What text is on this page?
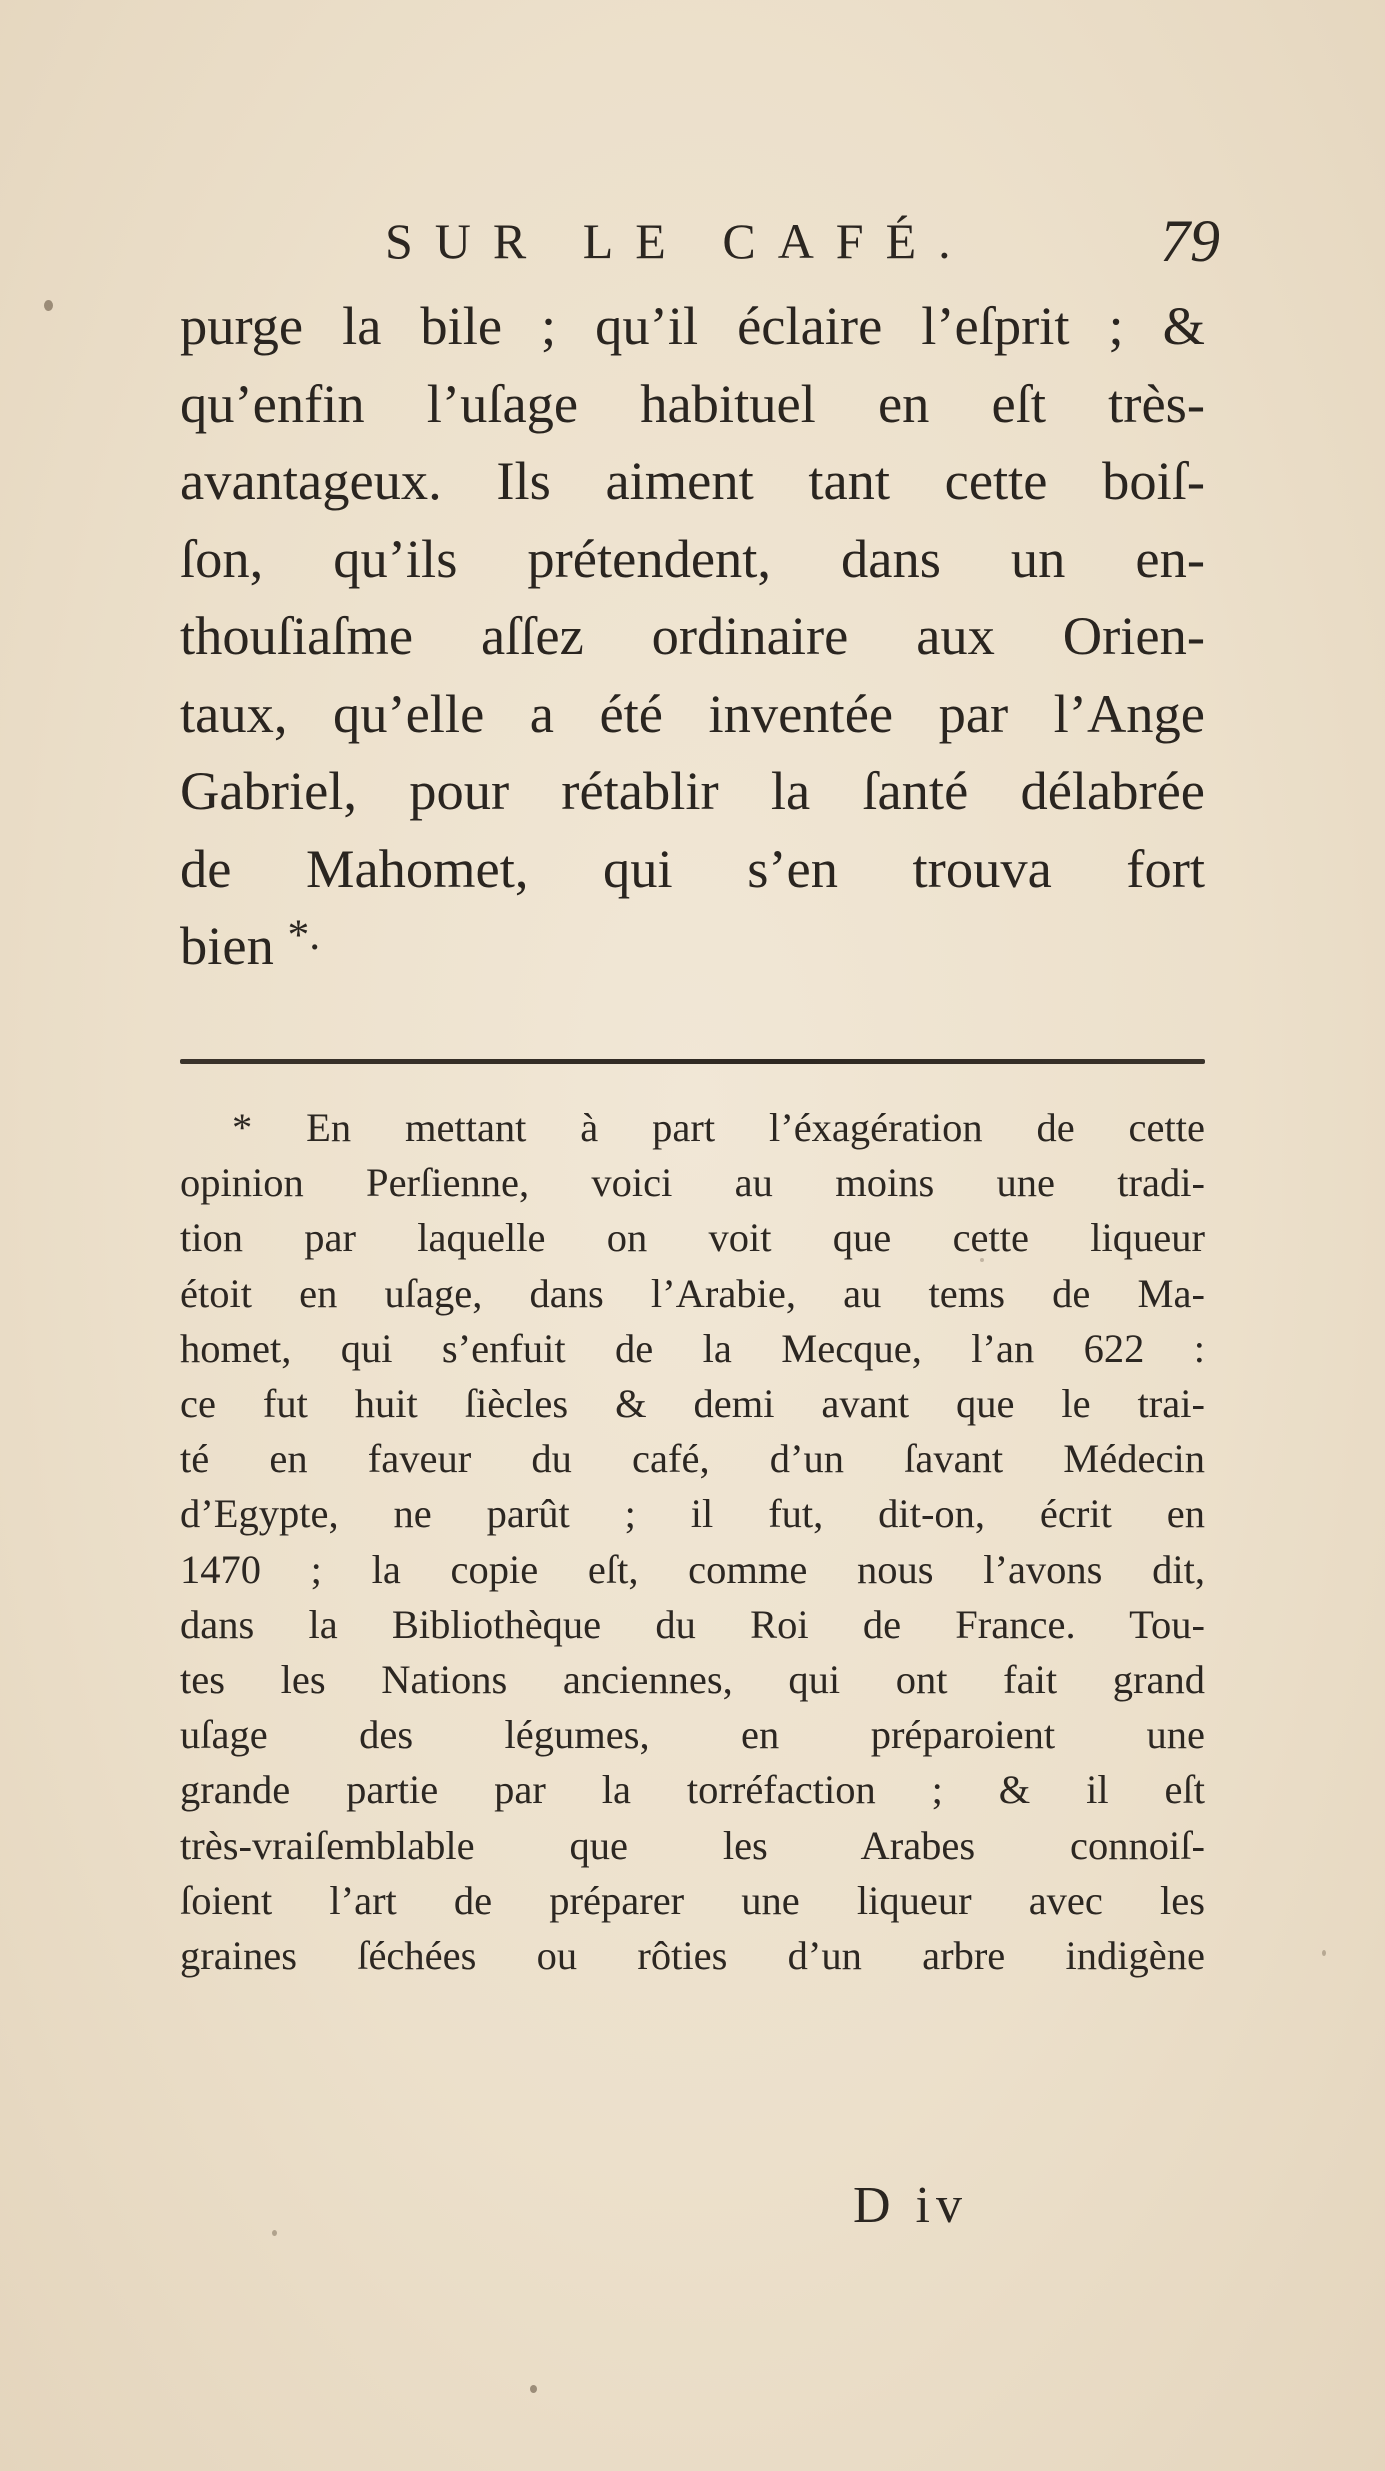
SUR LE CAFÉ.	79
purge la bile ; qu’il éclaire l’eſprit ; &
qu’enfin l’uſage habituel en eſt très-
avantageux. Ils aiment tant cette boiſ-
ſon, qu’ils prétendent, dans un en-
thouſiaſme aſſez ordinaire aux Orien-
taux, qu’elle a été inventée par l’Ange
Gabriel, pour rétablir la ſanté délabrée
de Mahomet, qui s’en trouva fort
bien *.
* En mettant à part l’éxagération de cette
opinion Perſienne, voici au moins une tradi-
tion par laquelle on voit que cette liqueur
étoit en uſage, dans l’Arabie, au tems de Ma-
homet, qui s’enfuit de la Mecque, l’an 622 :
ce fut huit ſiècles & demi avant que le trai-
té en faveur du café, d’un ſavant Médecin
d’Egypte, ne parût ; il fut, dit-on, écrit en
1470 ; la copie eſt, comme nous l’avons dit,
dans la Bibliothèque du Roi de France. Tou-
tes les Nations anciennes, qui ont fait grand
uſage des légumes, en préparoient une
grande partie par la torréfaction ; & il eſt
très-vraiſemblable que les Arabes connoiſ-
ſoient l’art de préparer une liqueur avec les
graines ſéchées ou rôties d’un arbre indigène
D iv
